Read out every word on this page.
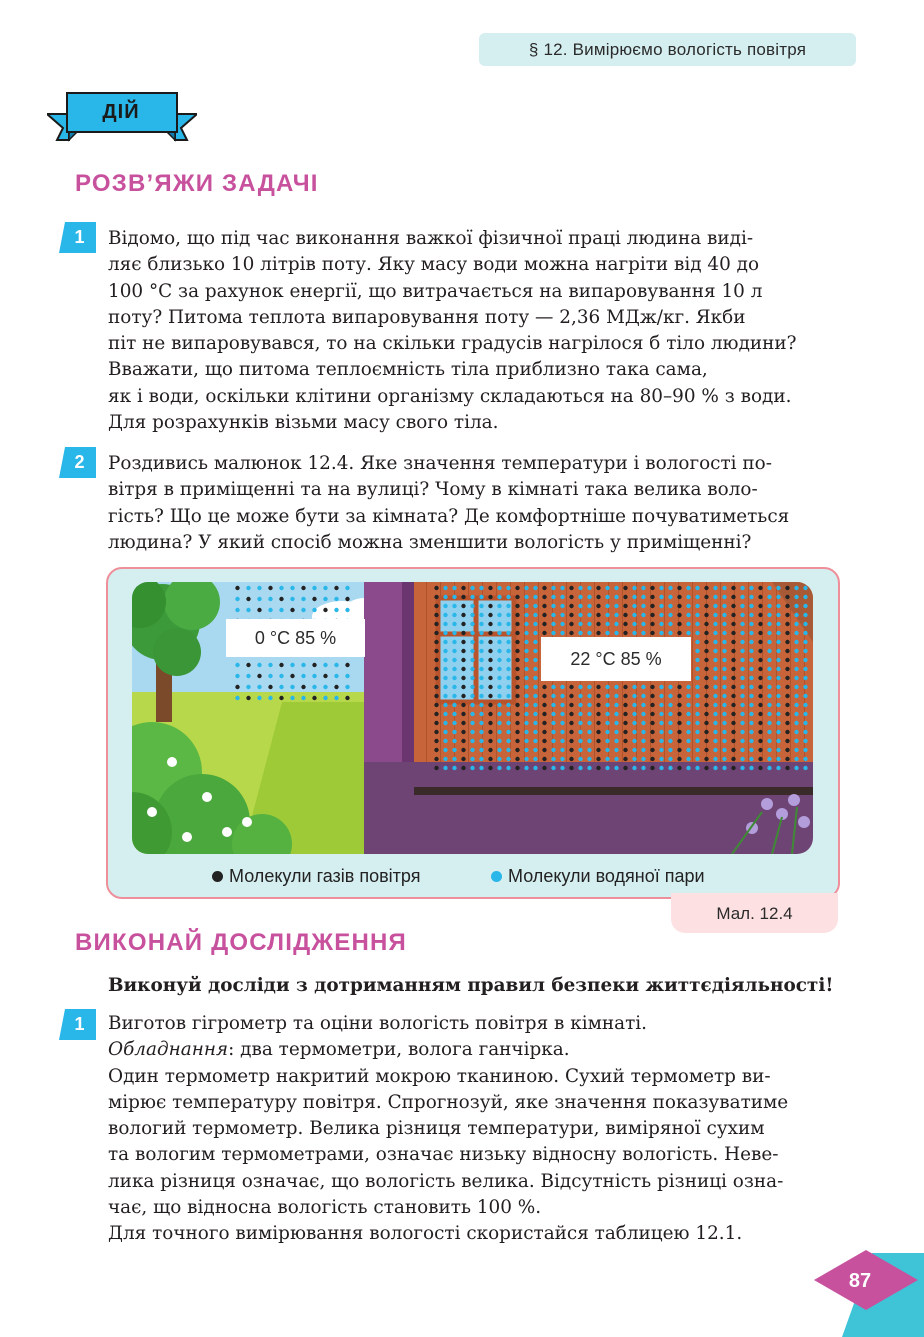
§ 12. Вимірюємо вологість повітря
ДІЙ
РОЗВ’ЯЖИ ЗАДАЧІ
1	Відомо, що під час виконання важкої фізичної праці людина виді-
ляє близько 10 літрів поту. Яку масу води можна нагріти від 40 до
100 °С за рахунок енергії, що витрачається на випаровування 10 л
поту? Питома теплота випаровування поту — 2,36 МДж/кг. Якби
піт не випаровувався, то на скільки градусів нагрілося б тіло людини?
Вважати, що питома теплоємність тіла приблизно така сама,
як і води, оскільки клітини організму складаються на 80–90 % з води.
Для розрахунків візьми масу свого тіла.
2	Роздивись малюнок 12.4. Яке значення температури і вологості по-
вітря в приміщенні та на вулиці? Чому в кімнаті така велика воло-
гість? Що це може бути за кімната? Де комфортніше почуватиметься
людина? У який спосіб можна зменшити вологість у приміщенні?
0 °С 85 %
22 °С 85 %
Молекули газів повітря	Молекули водяної пари
Мал. 12.4
ВИКОНАЙ ДОСЛІДЖЕННЯ
Виконуй досліди з дотриманням правил безпеки життєдіяльності!
1	Виготов гігрометр та оціни вологість повітря в кімнаті.
Обладнання: два термометри, волога ганчірка.
Один термометр накритий мокрою тканиною. Сухий термометр ви-
мірює температуру повітря. Спрогнозуй, яке значення показуватиме
вологий термометр. Велика різниця температури, виміряної сухим
та вологим термометрами, означає низьку відносну вологість. Неве-
лика різниця означає, що вологість велика. Відсутність різниці озна-
чає, що відносна вологість становить 100 %.
Для точного вимірювання вологості скористайся таблицею 12.1.
87
